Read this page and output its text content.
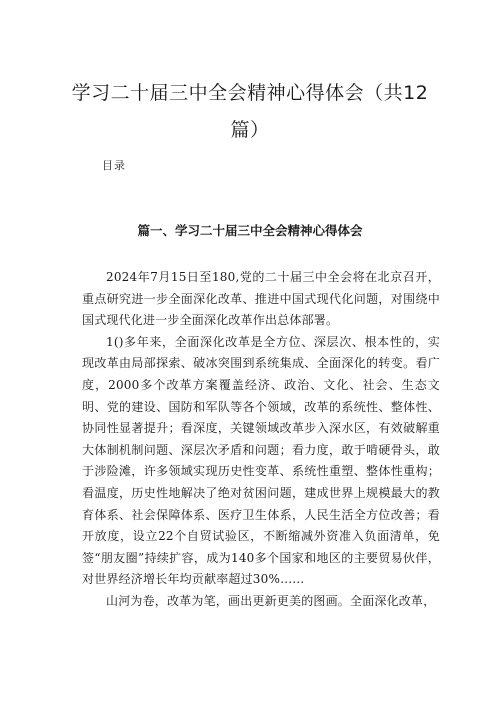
学习二十届三中全会精神心得体会（共12
篇）
目录
篇一、学习二十届三中全会精神心得体会

2024年7月15日至180,党的二十届三中全会将在北京召开，重点研究进一步全面深化改革、推进中国式现代化问题，对围绕中国式现代化进一步全面深化改革作出总体部署。

1()多年来，全面深化改革是全方位、深层次、根本性的，实现改革由局部探索、破冰突围到系统集成、全面深化的转变。看广度，2000多个改革方案覆盖经济、政治、文化、社会、生态文明、党的建设、国防和军队等各个领域，改革的系统性、整体性、协同性显著提升；看深度，关键领域改革步入深水区，有效破解重大体制机制问题、深层次矛盾和问题；看力度，敢于啃硬骨头，敢于涉险滩，许多领域实现历史性变革、系统性重塑、整体性重构；看温度，历史性地解决了绝对贫困问题，建成世界上规模最大的教育体系、社会保障体系、医疗卫生体系，人民生活全方位改善；看开放度，设立22个自贸试验区，不断缩减外资准入负面清单，免签“朋友圈”持续扩容，成为140多个国家和地区的主要贸易伙伴，对世界经济增长年均贡献率超过30%……

山河为卷，改革为笔，画出更新更美的图画。全面深化改革，
